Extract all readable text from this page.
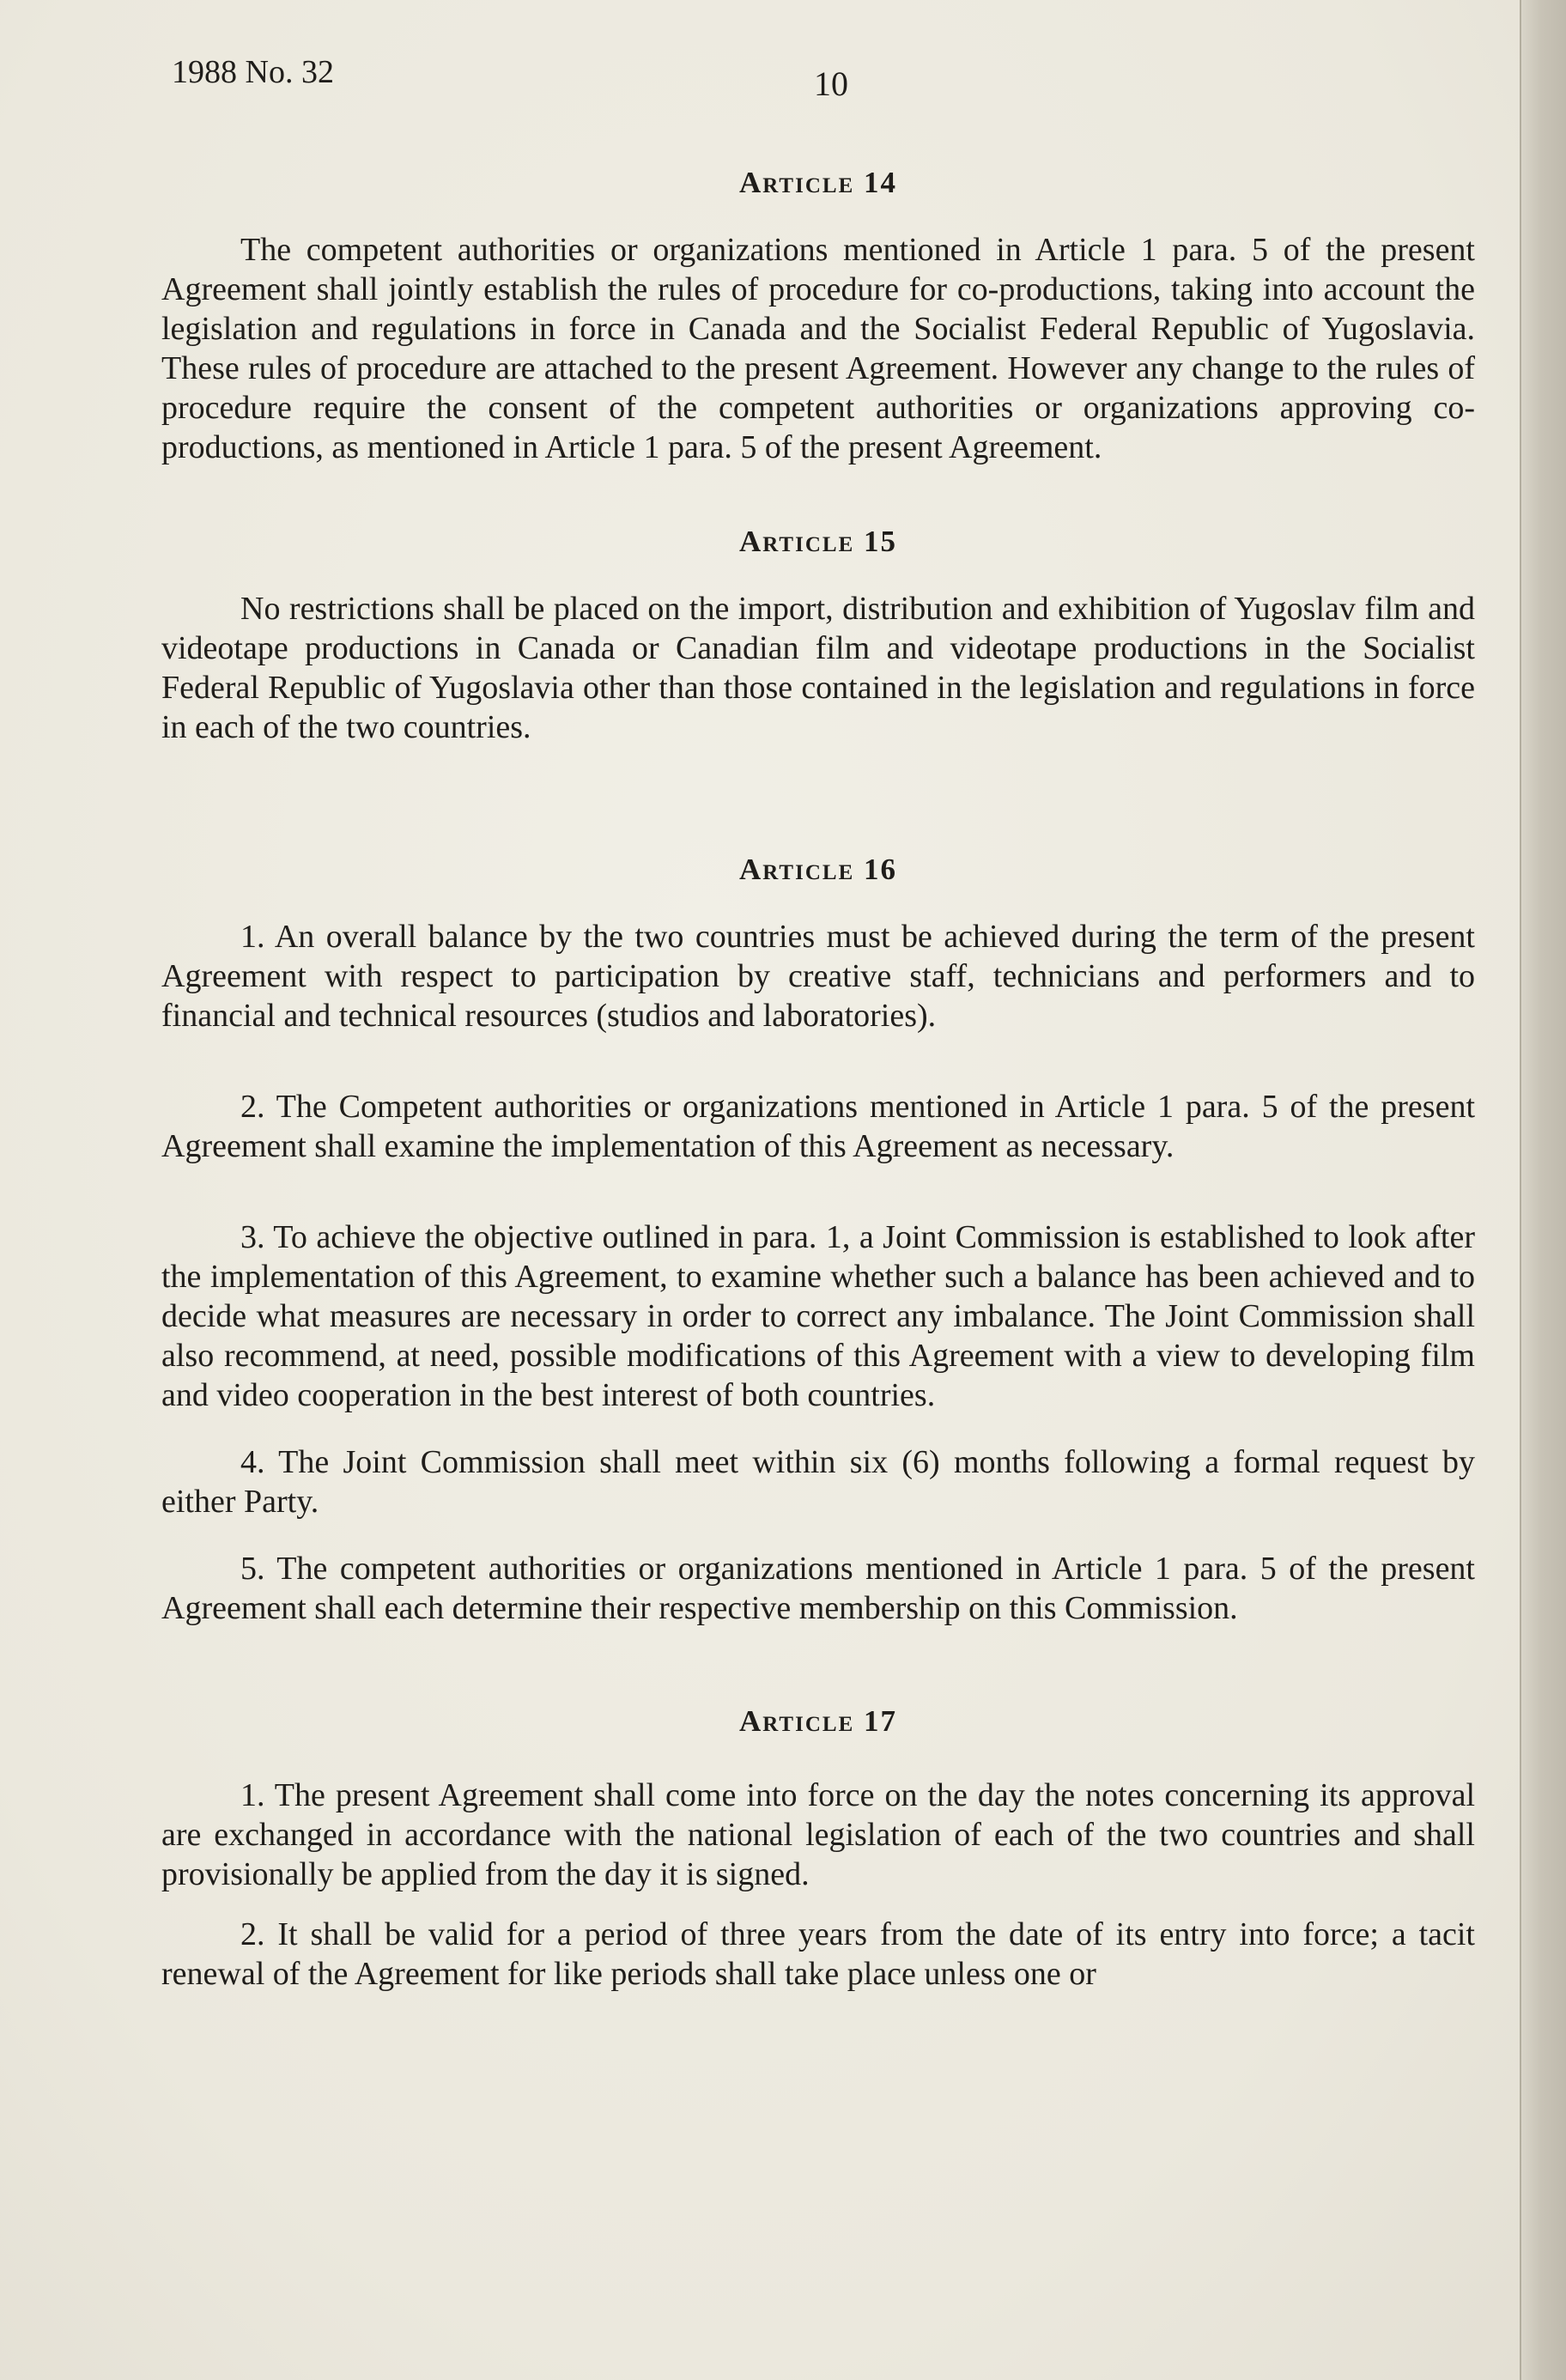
1988 No. 32	10
Article 14

The competent authorities or organizations mentioned in Article 1 para. 5 of the present Agreement shall jointly establish the rules of procedure for co-productions, taking into account the legislation and regulations in force in Canada and the Socialist Federal Republic of Yugoslavia. These rules of procedure are attached to the present Agreement. However any change to the rules of procedure require the consent of the competent authorities or organizations approving co-productions, as mentioned in Article 1 para. 5 of the present Agreement.

Article 15

No restrictions shall be placed on the import, distribution and exhibition of Yugoslav film and videotape productions in Canada or Canadian film and videotape productions in the Socialist Federal Republic of Yugoslavia other than those contained in the legislation and regulations in force in each of the two countries.

Article 16

1. An overall balance by the two countries must be achieved during the term of the present Agreement with respect to participation by creative staff, technicians and performers and to financial and technical resources (studios and laboratories).

2. The Competent authorities or organizations mentioned in Article 1 para. 5 of the present Agreement shall examine the implementation of this Agreement as necessary.

3. To achieve the objective outlined in para. 1, a Joint Commission is established to look after the implementation of this Agreement, to examine whether such a balance has been achieved and to decide what measures are necessary in order to correct any imbalance. The Joint Commission shall also recommend, at need, possible modifications of this Agreement with a view to developing film and video cooperation in the best interest of both countries.

4. The Joint Commission shall meet within six (6) months following a formal request by either Party.

5. The competent authorities or organizations mentioned in Article 1 para. 5 of the present Agreement shall each determine their respective membership on this Commission.

Article 17

1. The present Agreement shall come into force on the day the notes concerning its approval are exchanged in accordance with the national legislation of each of the two countries and shall provisionally be applied from the day it is signed.

2. It shall be valid for a period of three years from the date of its entry into force; a tacit renewal of the Agreement for like periods shall take place unless one or
